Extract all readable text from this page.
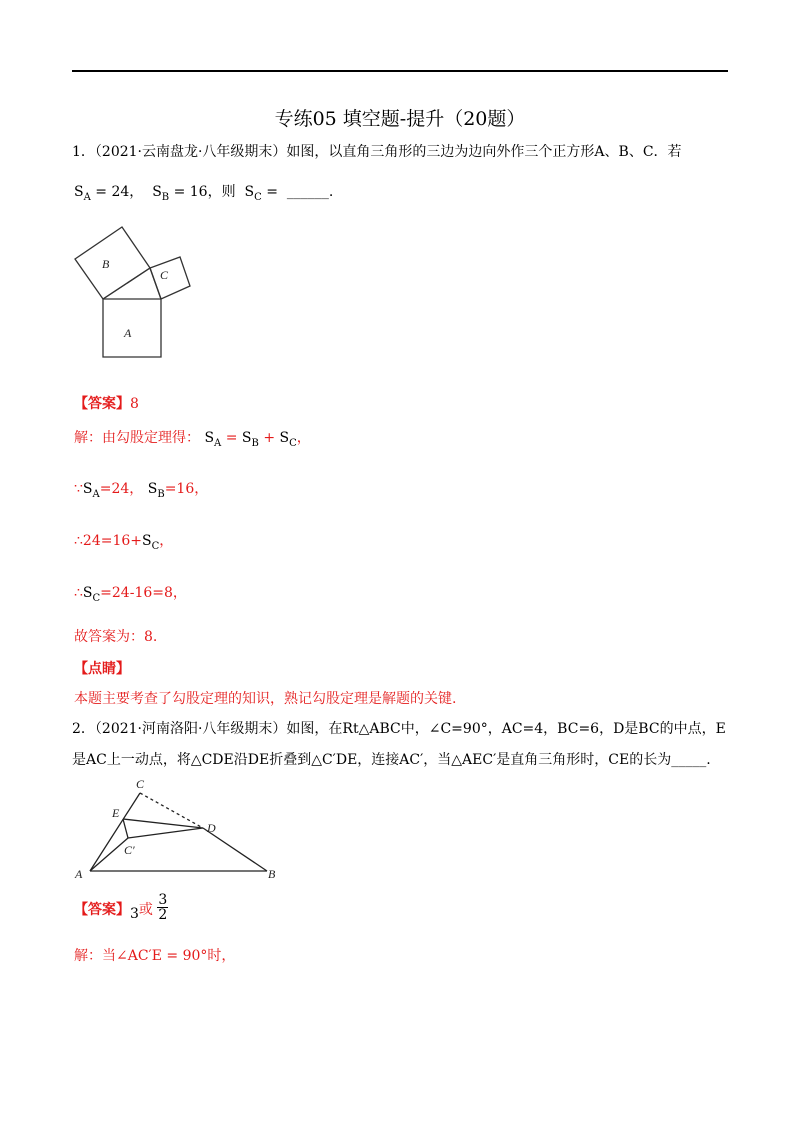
专练05 填空题-提升（20题）
1．（2021·云南盘龙·八年级期末）如图，以直角三角形的三边为边向外作三个正方形A、B、C．若
$S_A = 24$， $S_B = 16$，则 $S_C$ = ______.
B
C
A
【答案】8
解：由勾股定理得： $S_A = S_B + S_C$，
$\because S_A=24$， $S_B=16$，
$\therefore 24=16+S_C$，
$\therefore S_C=24-16=8$，
故答案为：8.
【点睛】
本题主要考查了勾股定理的知识，熟记勾股定理是解题的关键.
2．（2021·河南洛阳·八年级期末）如图，在Rt△ABC中，∠C=90°，AC=4，BC=6，D是BC的中点，E
是AC上一动点，将△CDE沿DE折叠到△C′DE，连接AC′，当△AEC′是直角三角形时，CE的长为_____.
C
E
D
C′
A	B
【答案】3或 $\frac{3}{2}$
解：当∠AC′E = 90°时，
